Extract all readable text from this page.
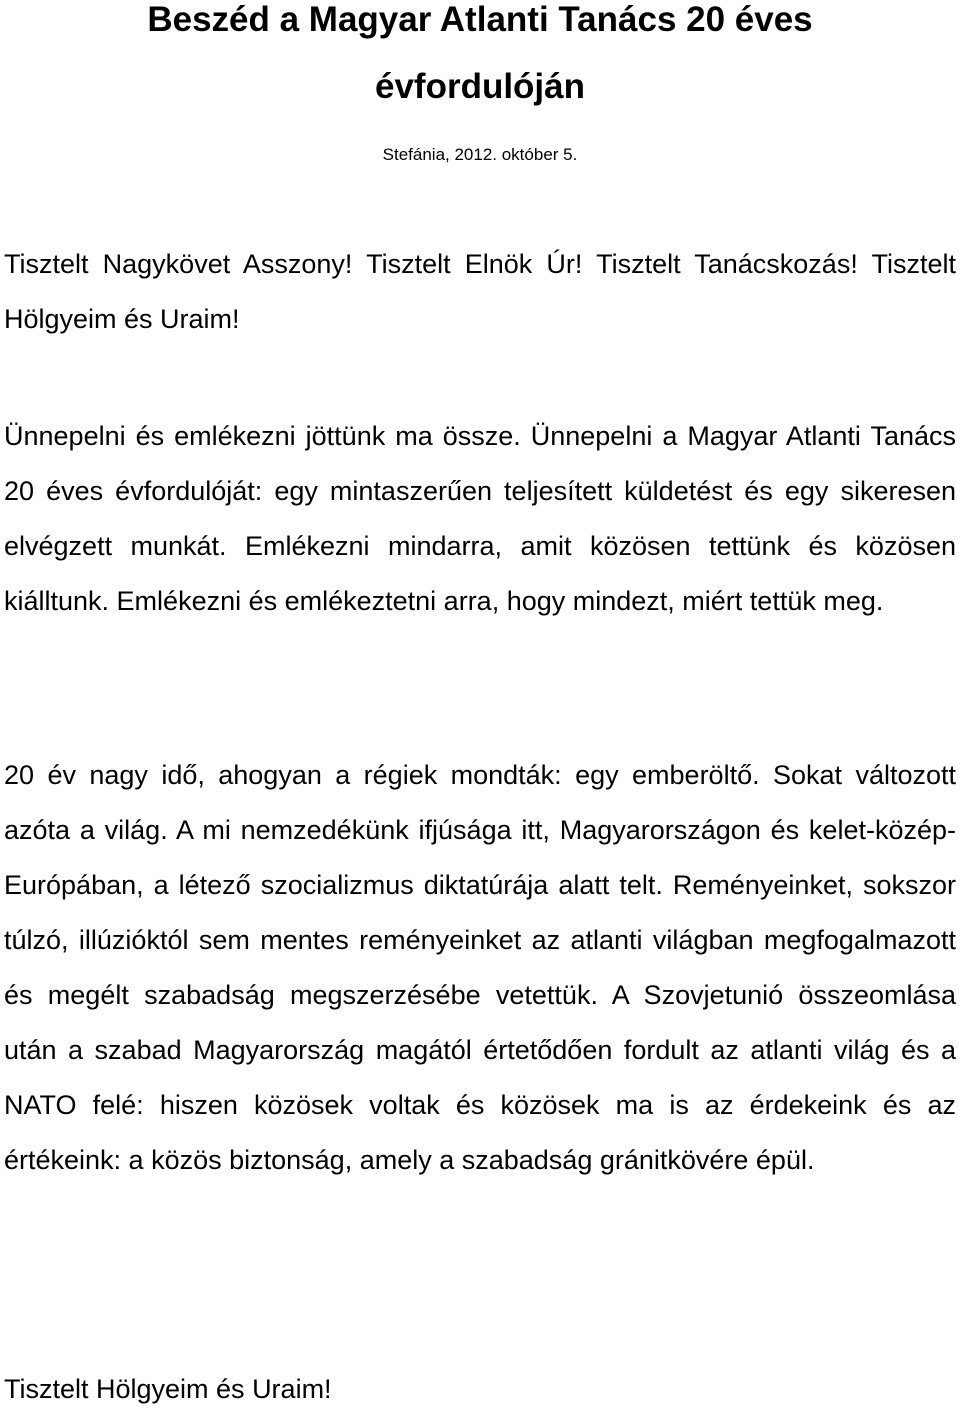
Beszéd a Magyar Atlanti Tanács 20 éves
évfordulóján

Stefánia, 2012. október 5.

Tisztelt Nagykövet Asszony! Tisztelt Elnök Úr! Tisztelt Tanácskozás! Tisztelt Hölgyeim és Uraim!

Ünnepelni és emlékezni jöttünk ma össze. Ünnepelni a Magyar Atlanti Tanács 20 éves évfordulóját: egy mintaszerűen teljesített küldetést és egy sikeresen elvégzett munkát. Emlékezni mindarra, amit közösen tettünk és közösen kiálltunk. Emlékezni és emlékeztetni arra, hogy mindezt, miért tettük meg.

20 év nagy idő, ahogyan a régiek mondták: egy emberöltő. Sokat változott azóta a világ. A mi nemzedékünk ifjúsága itt, Magyarországon és kelet-közép-Európában, a létező szocializmus diktatúrája alatt telt. Reményeinket, sokszor túlzó, illúzióktól sem mentes reményeinket az atlanti világban megfogalmazott és megélt szabadság megszerzésébe vetettük. A Szovjetunió összeomlása után a szabad Magyarország magától értetődően fordult az atlanti világ és a NATO felé: hiszen közösek voltak és közösek ma is az érdekeink és az értékeink: a közös biztonság, amely a szabadság gránitkövére épül.

Tisztelt Hölgyeim és Uraim!
